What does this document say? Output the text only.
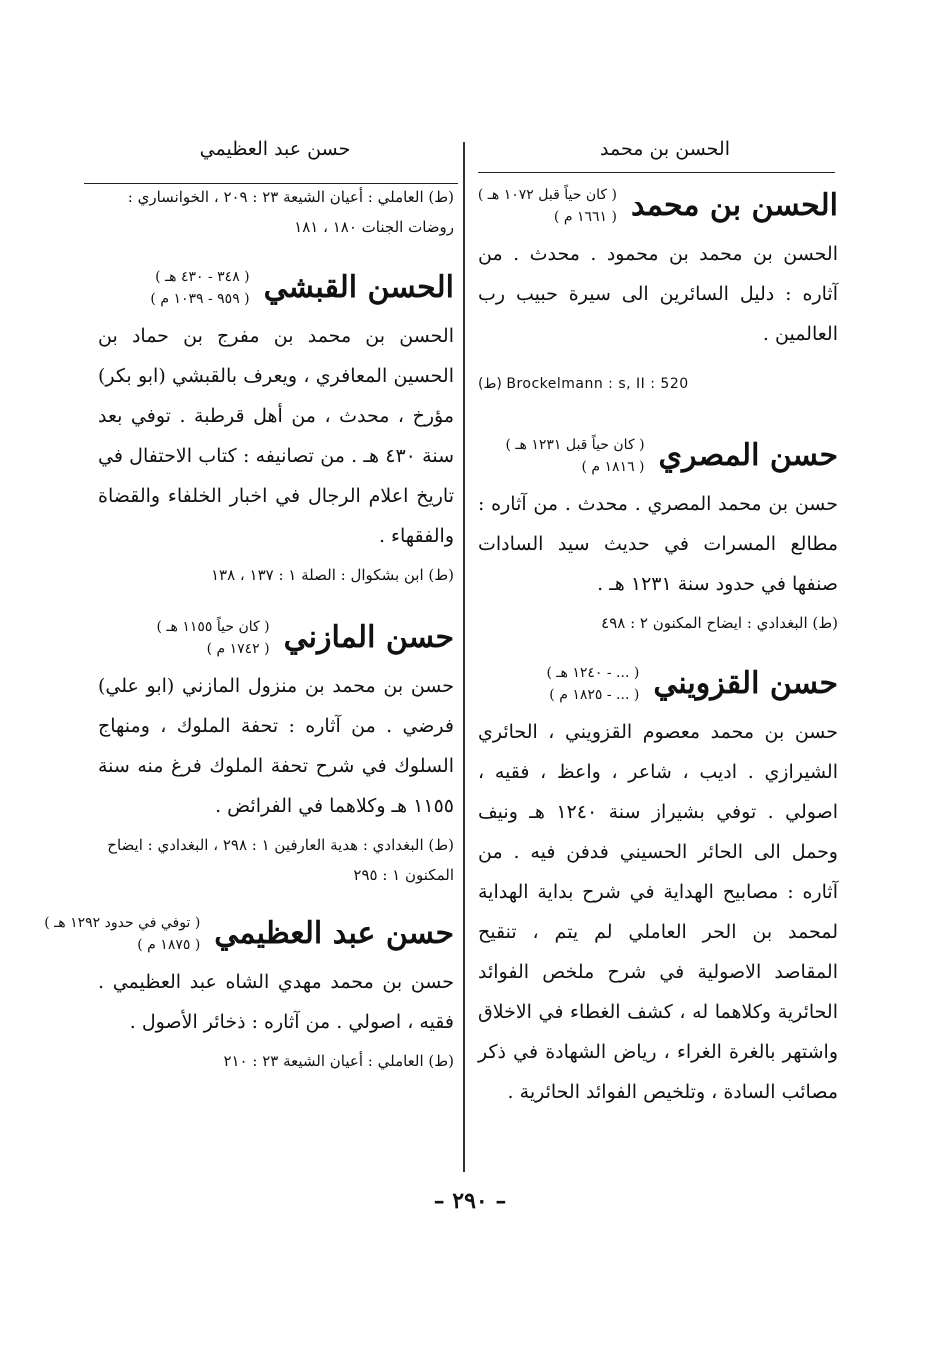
الحسن بن محمد
حسن عبد العظيمي
الحسن بن محمد
( كان حياً قبل ١٠٧٢ هـ )
( ١٦٦١ م )

الحسن بن محمد بن محمود . محدث . من آثاره : دليل السائرين الى سيرة حبيب رب العالمين .

(ط) Brockelmann : s, II : 520

حسن المصري
( كان حياً قبل ١٢٣١ هـ )
( ١٨١٦ م )

حسن بن محمد المصري . محدث . من آثاره : مطالع المسرات في حديث سيد السادات صنفها في حدود سنة ١٢٣١ هـ .

(ط) البغدادي : ايضاح المكنون ٢ : ٤٩٨

حسن القزويني
( ... - ١٢٤٠ هـ )
( ... - ١٨٢٥ م )

حسن بن محمد معصوم القزويني ، الحائري الشيرازي . اديب ، شاعر ، واعظ ، فقيه ، اصولي . توفي بشيراز سنة ١٢٤٠ هـ ونيف وحمل الى الحائر الحسيني فدفن فيه . من آثاره : مصابيح الهداية في شرح بداية الهداية لمحمد بن الحر العاملي لم يتم ، تنقيح المقاصد الاصولية في شرح ملخص الفوائد الحائرية وكلاهما له ، كشف الغطاء في الاخلاق واشتهر بالغرة الغراء ، رياض الشهادة في ذكر مصائب السادة ، وتلخيص الفوائد الحائرية .

(ط) العاملي : أعيان الشيعة ٢٣ : ٢٠٩ ، الخوانساري : روضات الجنات ١٨٠ ، ١٨١

الحسن القبشي
( ٣٤٨ - ٤٣٠ هـ )
( ٩٥٩ - ١٠٣٩ م )

الحسن بن محمد بن مفرج بن حماد بن الحسين المعافري ، ويعرف بالقبشي (ابو بكر) مؤرخ ، محدث ، من أهل قرطبة . توفي بعد سنة ٤٣٠ هـ . من تصانيفه : كتاب الاحتفال في تاريخ اعلام الرجال في اخبار الخلفاء والقضاة والفقهاء .

(ط) ابن بشكوال : الصلة ١ : ١٣٧ ، ١٣٨

حسن المازني
( كان حياً ١١٥٥ هـ )
( ١٧٤٢ م )

حسن بن محمد بن منزول المازني (ابو علي) فرضي . من آثاره : تحفة الملوك ، ومنهاج السلوك في شرح تحفة الملوك فرغ منه سنة ١١٥٥ هـ وكلاهما في الفرائض .

(ط) البغدادي : هدية العارفين ١ : ٢٩٨ ، البغدادي : ايضاح المكنون ١ : ٢٩٥

حسن عبد العظيمي
( توفي في حدود ١٢٩٢ هـ )
( ١٨٧٥ م )

حسن بن محمد مهدي الشاه عبد العظيمي . فقيه ، اصولي . من آثاره : ذخائر الأصول .

(ط) العاملي : أعيان الشيعة ٢٣ : ٢١٠

– ٢٩٠ –
